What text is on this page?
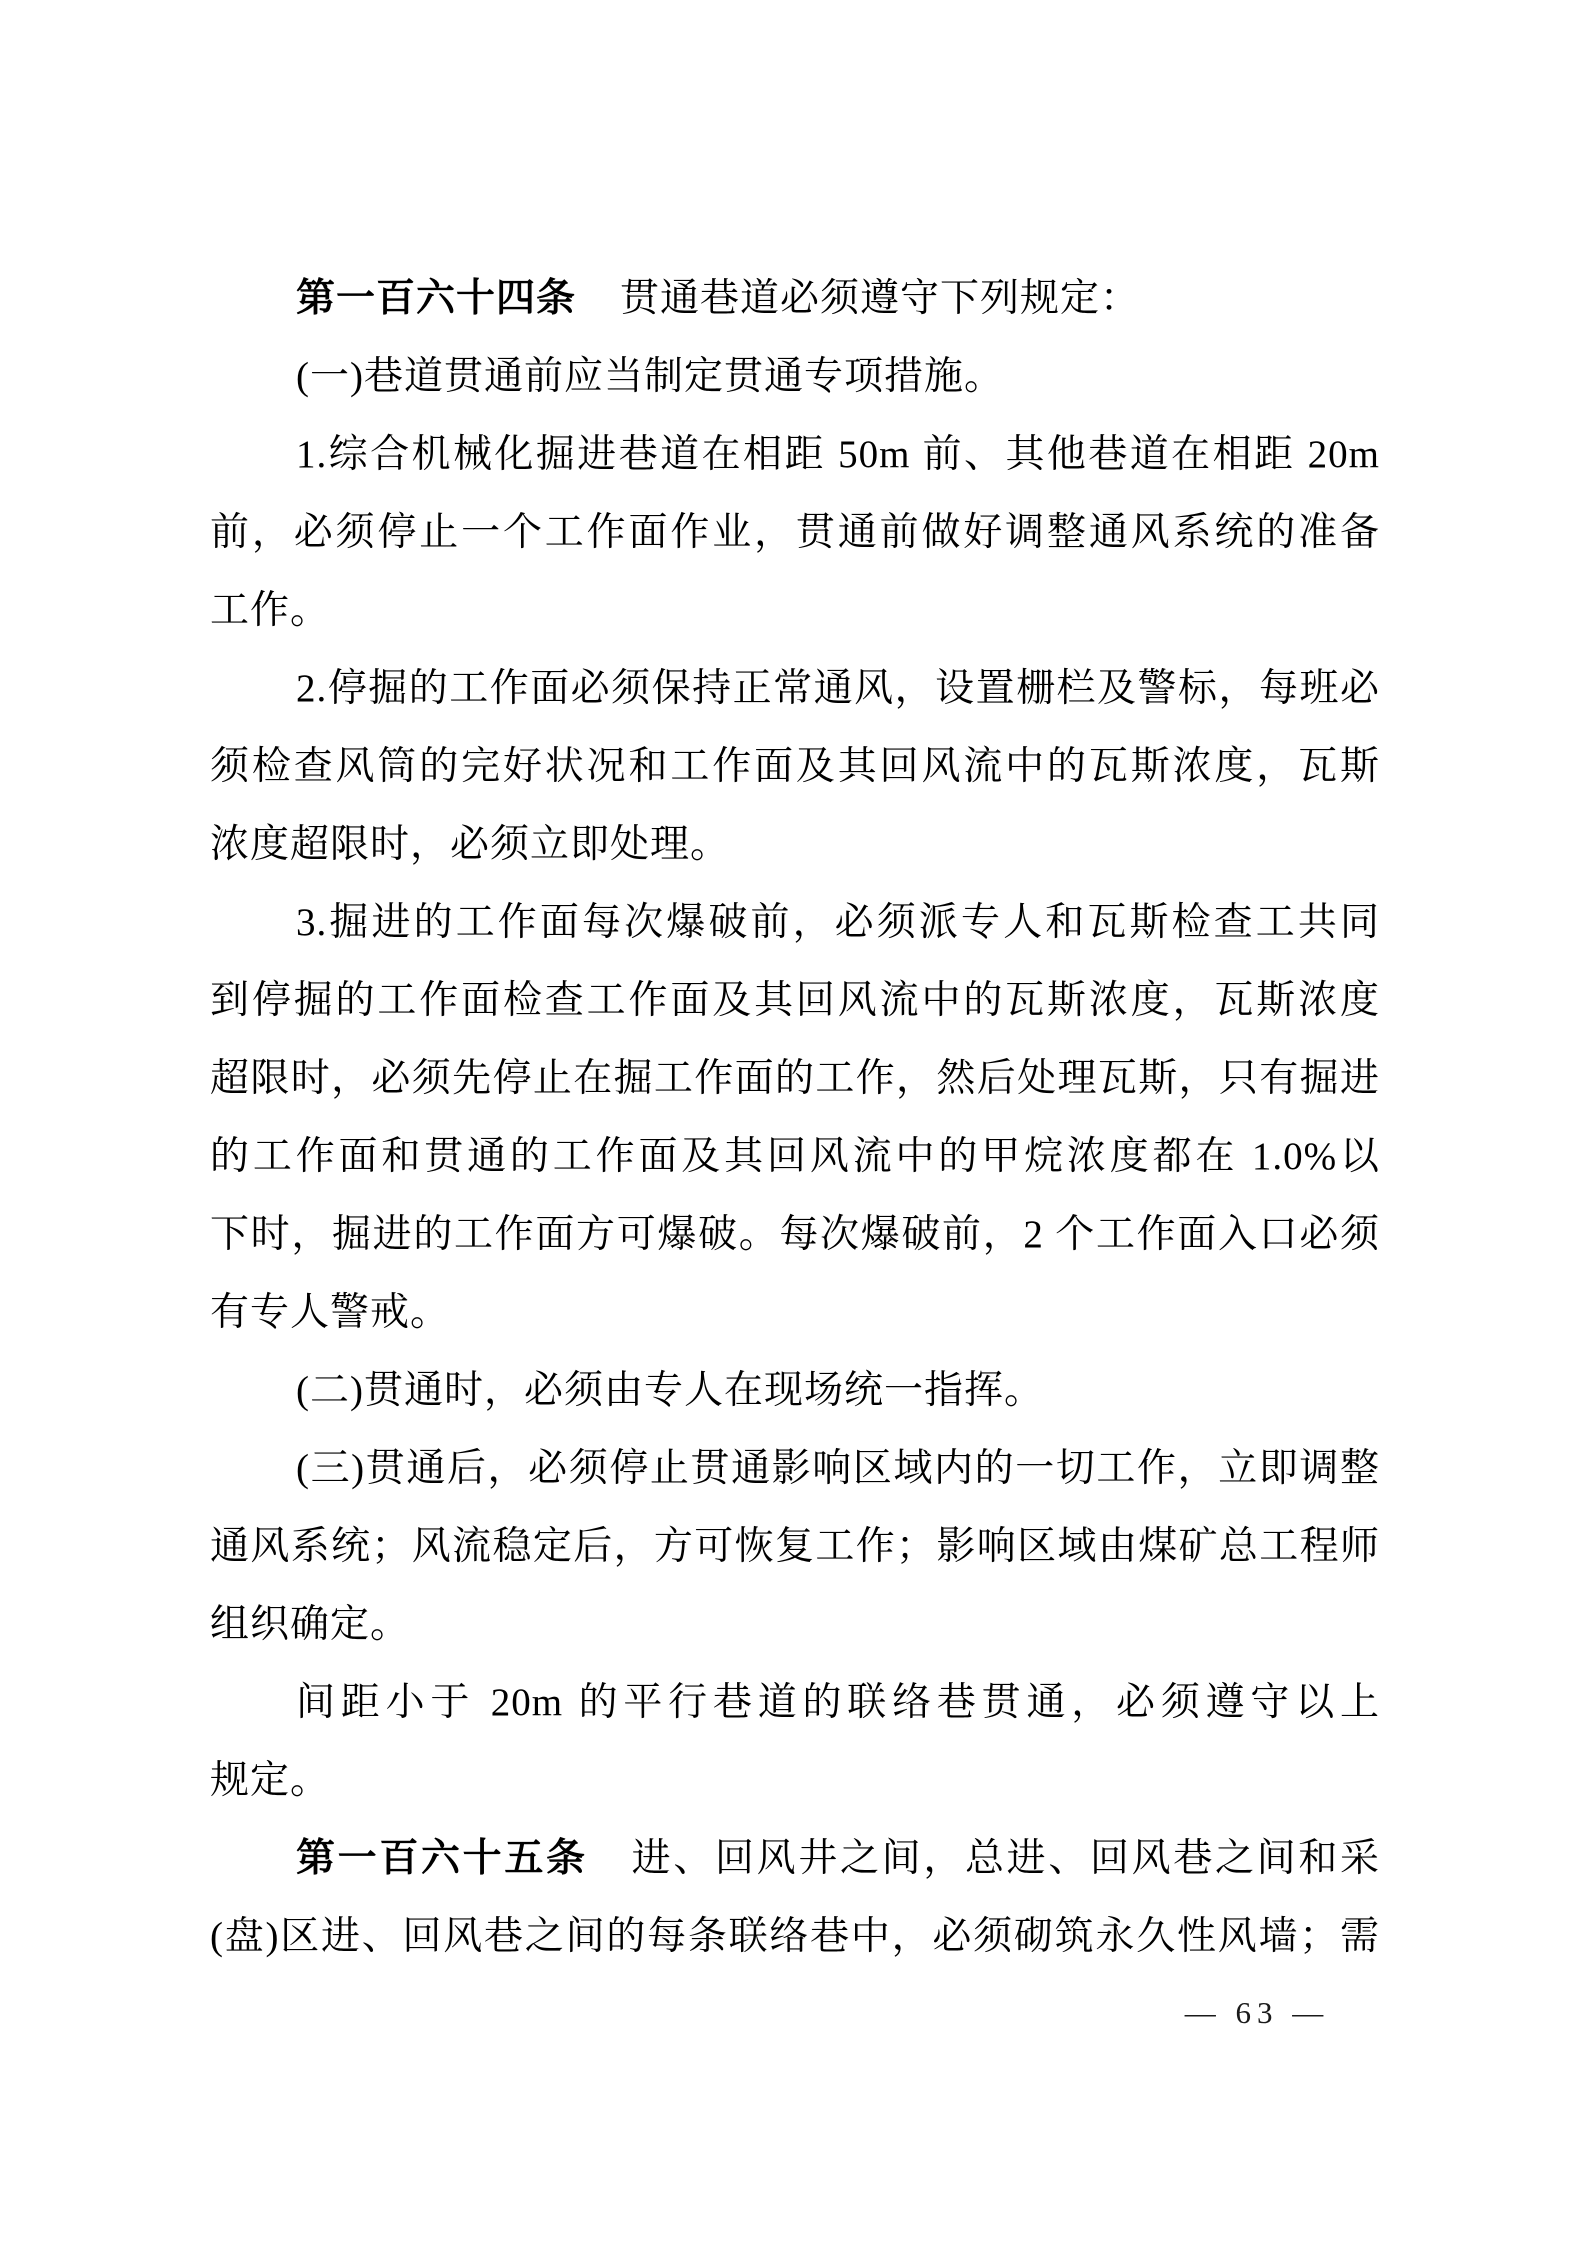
第一百六十四条 贯通巷道必须遵守下列规定：
(一)巷道贯通前应当制定贯通专项措施。
1.综合机械化掘进巷道在相距 50m 前、其他巷道在相距 20m
前，必须停止一个工作面作业，贯通前做好调整通风系统的准备
工作。
2.停掘的工作面必须保持正常通风，设置栅栏及警标，每班必
须检查风筒的完好状况和工作面及其回风流中的瓦斯浓度，瓦斯
浓度超限时，必须立即处理。
3.掘进的工作面每次爆破前，必须派专人和瓦斯检查工共同
到停掘的工作面检查工作面及其回风流中的瓦斯浓度，瓦斯浓度
超限时，必须先停止在掘工作面的工作，然后处理瓦斯，只有掘进
的工作面和贯通的工作面及其回风流中的甲烷浓度都在 1.0%以
下时，掘进的工作面方可爆破。每次爆破前，2 个工作面入口必须
有专人警戒。
(二)贯通时，必须由专人在现场统一指挥。
(三)贯通后，必须停止贯通影响区域内的一切工作，立即调整
通风系统；风流稳定后，方可恢复工作；影响区域由煤矿总工程师
组织确定。
间距小于 20m 的平行巷道的联络巷贯通，必须遵守以上
规定。
第一百六十五条 进、回风井之间，总进、回风巷之间和采
(盘)区进、回风巷之间的每条联络巷中，必须砌筑永久性风墙；需
— 63 —
